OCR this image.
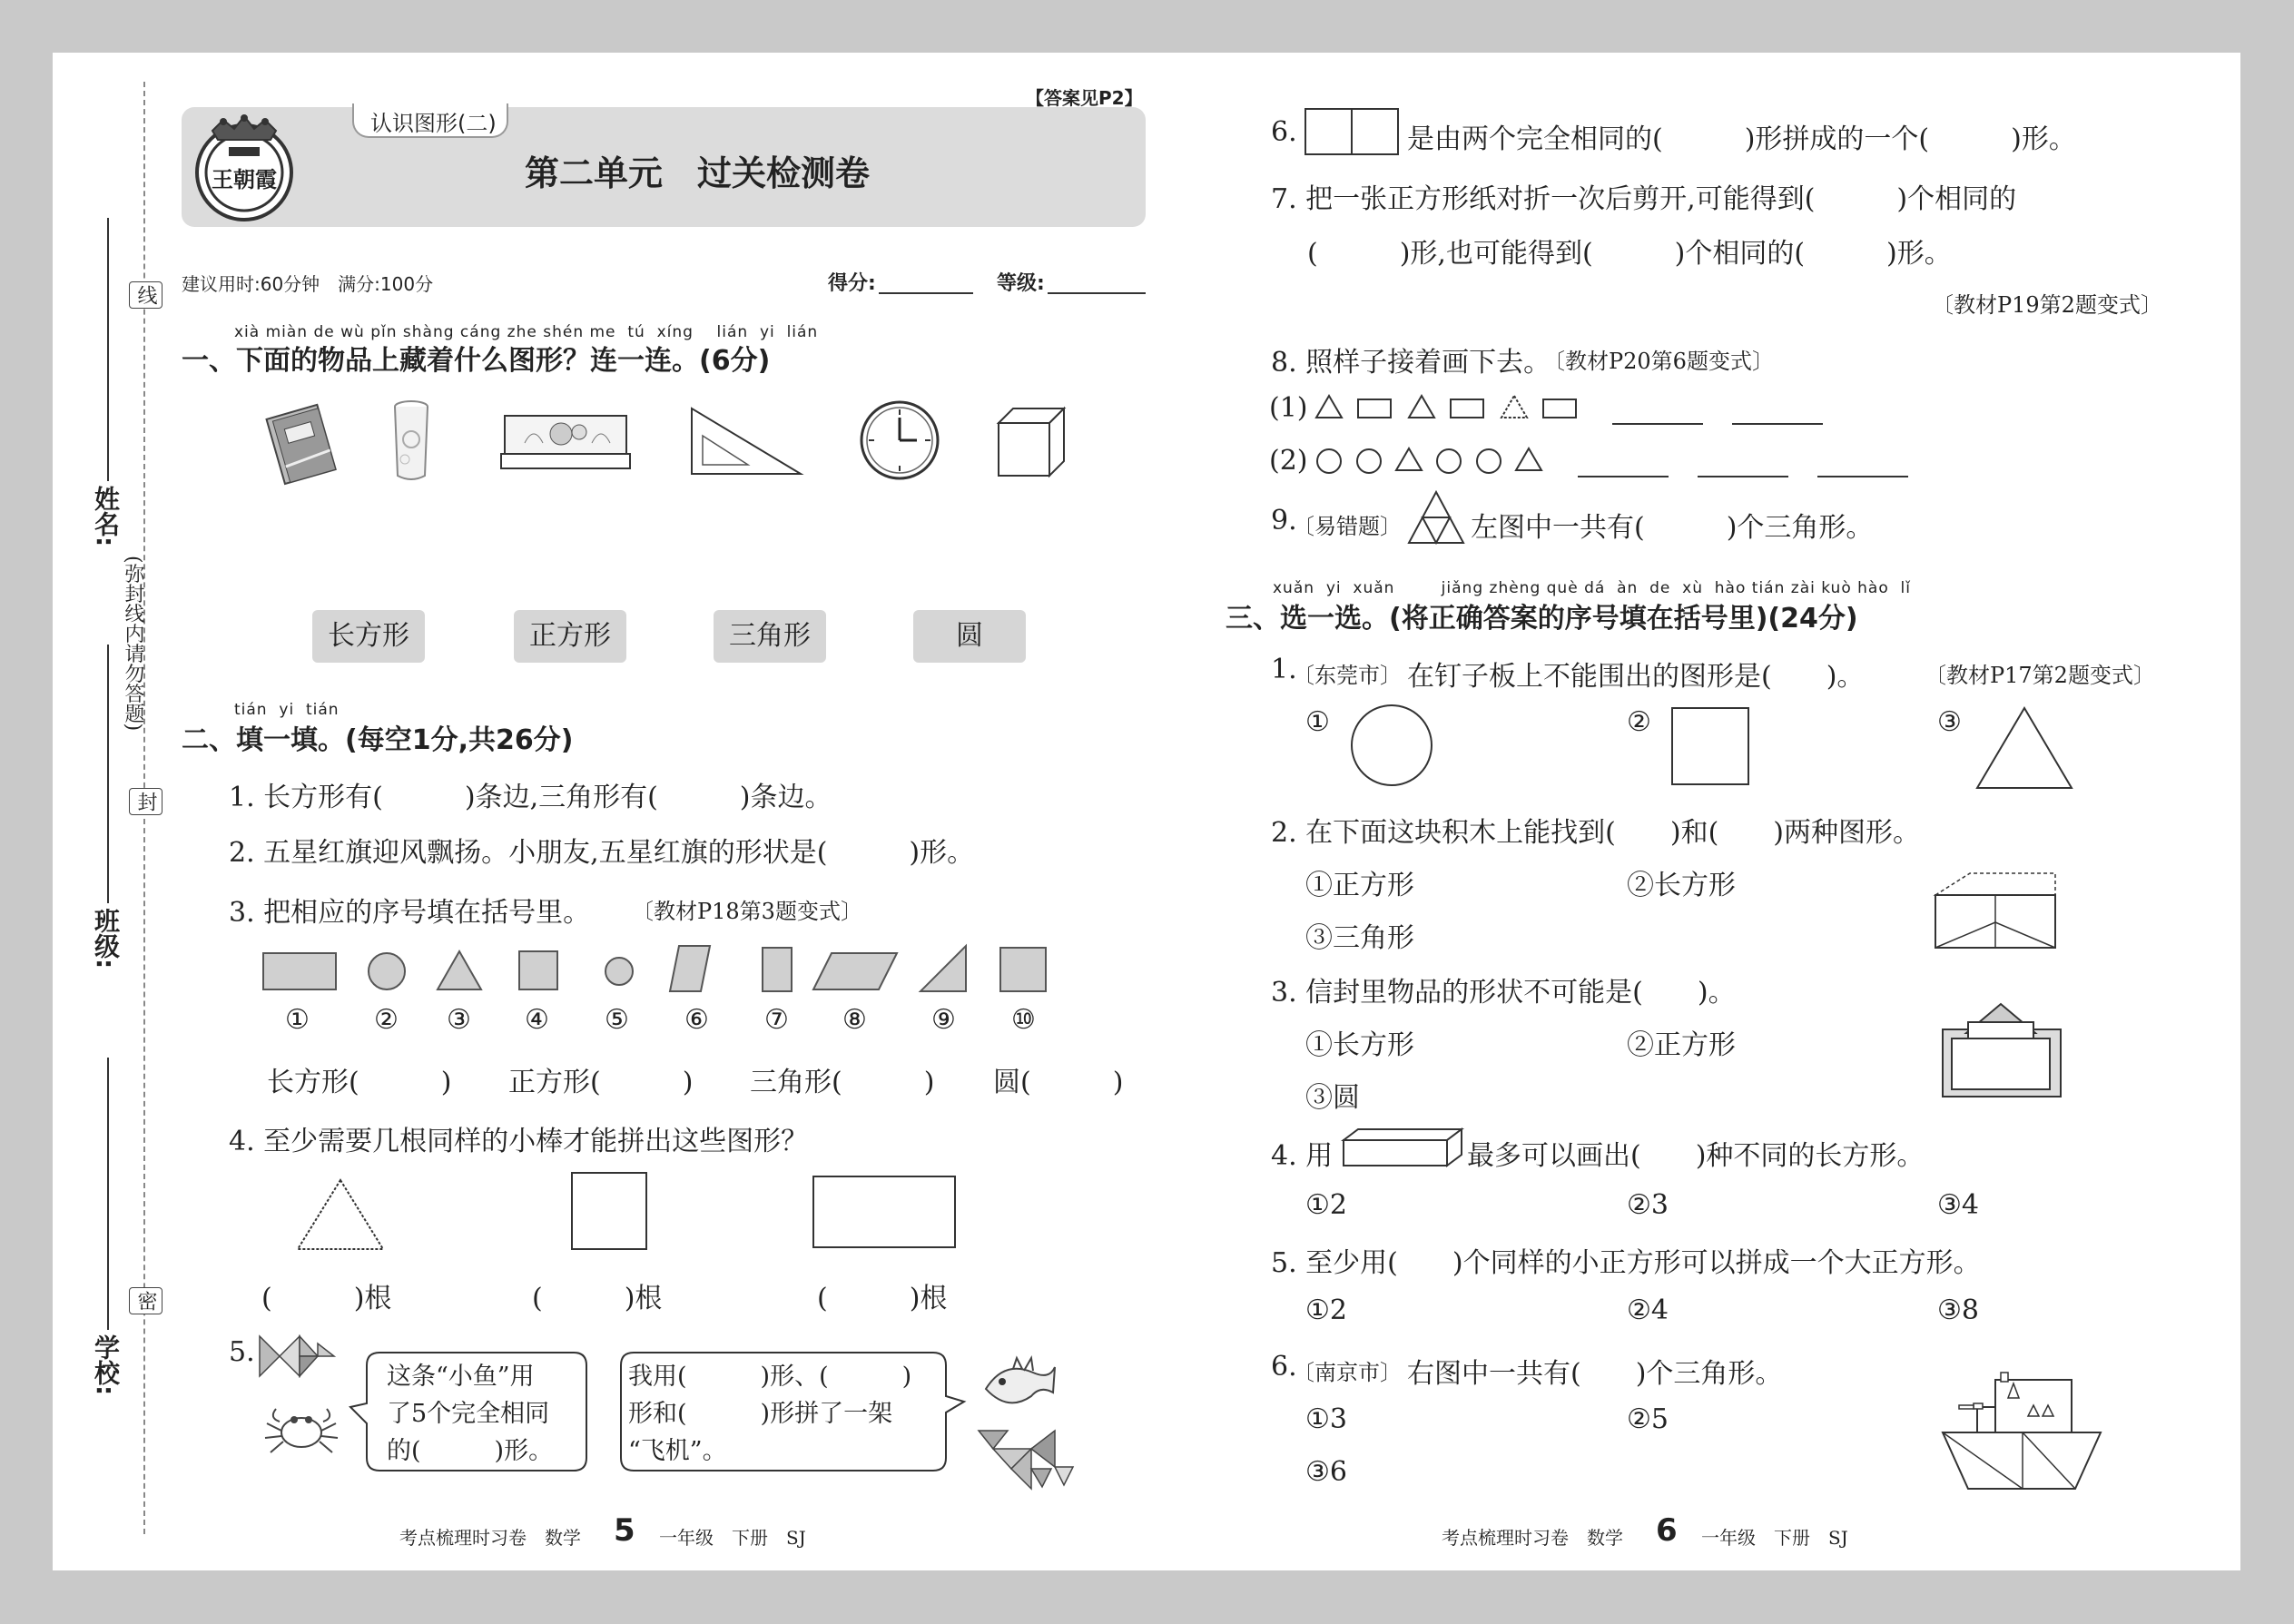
线
封
密
(弥封线内请勿答题)
姓名:
班级:
学校:
认识图形(二)
【答案见P2】
第二单元　过关检测卷
王朝霞
建议用时:60分钟　满分:100分	得分:	等级:
xià miàn de wù pǐn shàng cáng zhe shén me  tú  xíng    lián  yi  lián
一、下面的物品上藏着什么图形？连一连。(6分)
长方形	正方形	三角形	圆
tián  yi  tián
二、填一填。(每空1分,共26分)
1. 长方形有(　　　)条边,三角形有(　　　)条边。
2. 五星红旗迎风飘扬。小朋友,五星红旗的形状是(　　　)形。
3. 把相应的序号填在括号里。 〔教材P18第3题变式〕
① ② ③ ④ ⑤ ⑥ ⑦ ⑧ ⑨ ⑩
长方形(　　　) 正方形(　　　) 三角形(　　　) 圆(　　　)
4. 至少需要几根同样的小棒才能拼出这些图形？
(　　　)根	(　　　)根	(　　　)根
5.
这条“小鱼”用
了5个完全相同
的(　　　)形。
我用(　　　)形、(　　　)
形和(　　　)形拼了一架
“飞机”。
考点梳理时习卷　数学 5 一年级　下册　SJ
6.	是由两个完全相同的(　　　)形拼成的一个(　　　)形。
7. 把一张正方形纸对折一次后剪开,可能得到(　　　)个相同的
(　　　)形,也可能得到(　　　)个相同的(　　　)形。
〔教材P19第2题变式〕
8. 照样子接着画下去。
〔教材P20第6题变式〕
(1)
(2)
9.
〔易错题〕	左图中一共有(　　　)个三角形。
xuǎn  yi  xuǎn        jiǎng zhèng què dá  àn  de  xù  hào tián zài kuò hào  lǐ
三、选一选。(将正确答案的序号填在括号里)(24分)
1.
〔东莞市〕 在钉子板上不能围出的图形是(　　)。	〔教材P17第2题变式〕
①	②	③
2. 在下面这块积木上能找到(　　)和(　　)两种图形。
①正方形	②长方形
③三角形
3. 信封里物品的形状不可能是(　　)。
①长方形	②正方形
③圆
4. 用	最多可以画出(　　)种不同的长方形。
①2	②3	③4
5. 至少用(　　)个同样的小正方形可以拼成一个大正方形。
①2	②4	③8
6.
〔南京市〕 右图中一共有(　　)个三角形。
①3	②5
③6
考点梳理时习卷　数学 6 一年级　下册　SJ
